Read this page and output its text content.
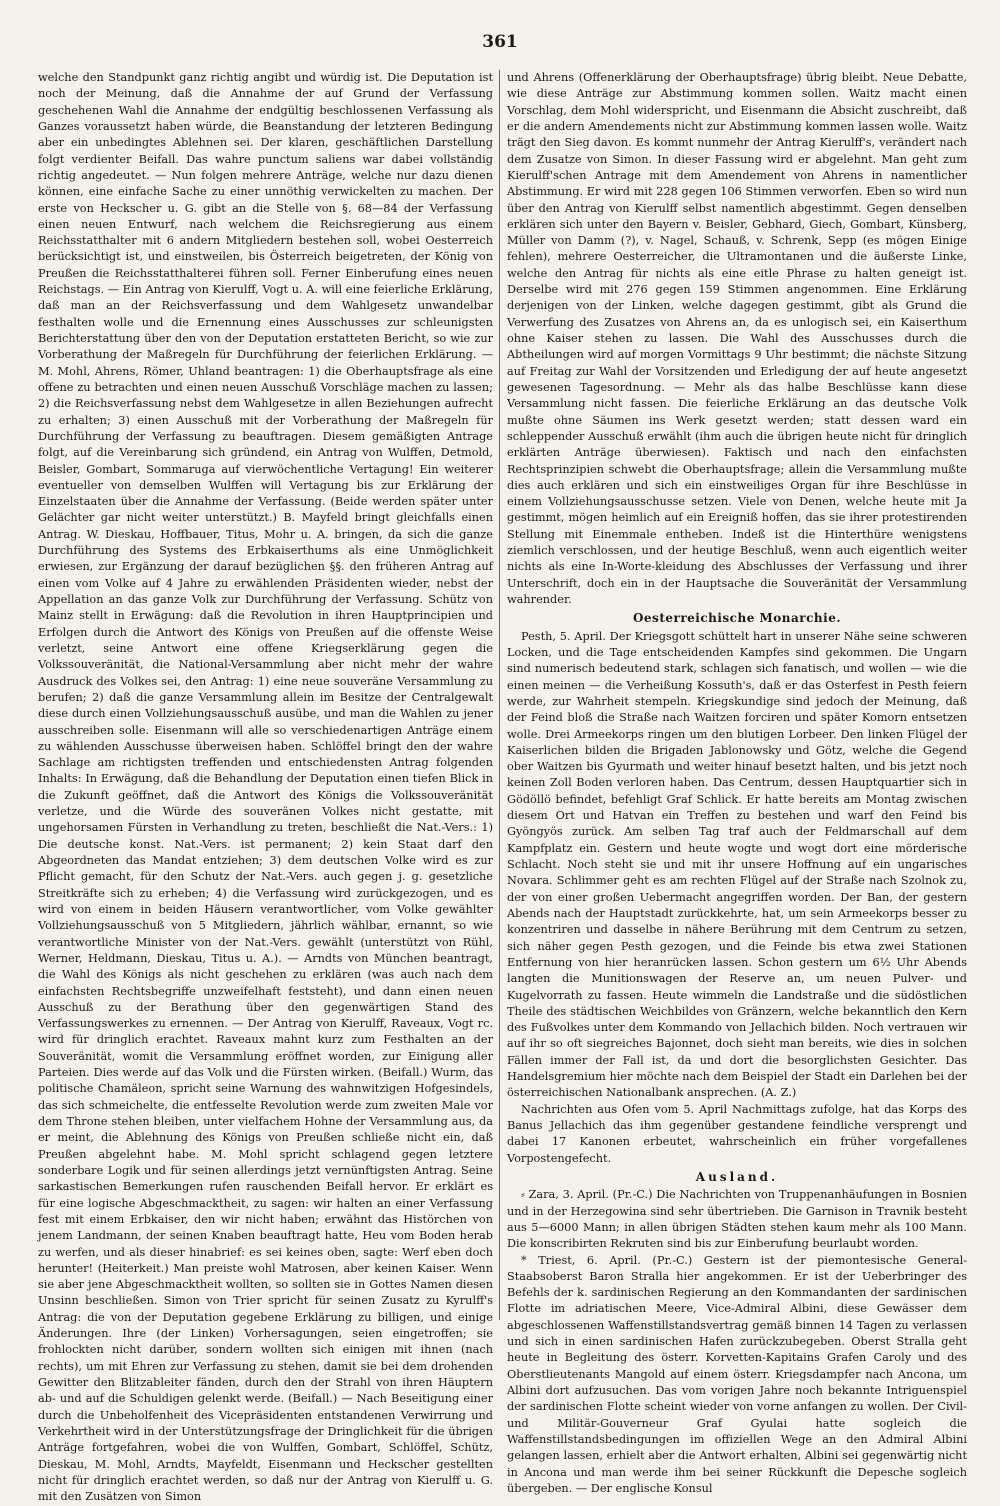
361

welche den Standpunkt ganz richtig angibt und würdig ist. Die Deputation ist noch der Meinung, daß die Annahme der auf Grund der Verfassung geschehenen Wahl die Annahme der endgültig beschlossenen Verfassung als Ganzes voraussetzt haben würde, die Beanstandung der letzteren Bedingung aber ein unbedingtes Ablehnen sei. Der klaren, geschäftlichen Darstellung folgt verdienter Beifall. Das wahre punctum saliens war dabei vollständig richtig angedeutet. — Nun folgen mehrere Anträge, welche nur dazu dienen können, eine einfache Sache zu einer unnöthig verwickelten zu machen. Der erste von Heckscher u. G. gibt an die Stelle von §. 68—84 der Verfassung einen neuen Entwurf, nach welchem die Reichsregierung aus einem Reichsstatthalter mit 6 andern Mitgliedern bestehen soll, wobei Oesterreich berücksichtigt ist, und einstweilen, bis Österreich beigetreten, der König von Preußen die Reichsstatthalterei führen soll. Ferner Einberufung eines neuen Reichstags. — Ein Antrag von Kierulff, Vogt u. A. will eine feierliche Erklärung, daß man an der Reichsverfassung und dem Wahlgesetz unwandelbar festhalten wolle und die Ernennung eines Ausschusses zur schleunigsten Berichterstattung über den von der Deputation erstatteten Bericht, so wie zur Vorberathung der Maßregeln für Durchführung der feierlichen Erklärung. — M. Mohl, Ahrens, Römer, Uhland beantragen: 1) die Oberhauptsfrage als eine offene zu betrachten und einen neuen Ausschuß Vorschläge machen zu lassen; 2) die Reichsverfassung nebst dem Wahlgesetze in allen Beziehungen aufrecht zu erhalten; 3) einen Ausschuß mit der Vorberathung der Maßregeln für Durchführung der Verfassung zu beauftragen. Diesem gemäßigten Antrage folgt, auf die Vereinbarung sich gründend, ein Antrag von Wulffen, Detmold, Beisler, Gombart, Sommaruga auf vierwöchentliche Vertagung! Ein weiterer eventueller von demselben Wulffen will Vertagung bis zur Erklärung der Einzelstaaten über die Annahme der Verfassung. (Beide werden später unter Gelächter gar nicht weiter unterstützt.) B. Mayfeld bringt gleichfalls einen Antrag. W. Dieskau, Hoffbauer, Titus, Mohr u. A. bringen, da sich die ganze Durchführung des Systems des Erbkaiserthums als eine Unmöglichkeit erwiesen, zur Ergänzung der darauf bezüglichen §§. den früheren Antrag auf einen vom Volke auf 4 Jahre zu erwählenden Präsidenten wieder, nebst der Appellation an das ganze Volk zur Durchführung der Verfassung. Schütz von Mainz stellt in Erwägung: daß die Revolution in ihren Hauptprincipien und Erfolgen durch die Antwort des Königs von Preußen auf die offenste Weise verletzt, seine Antwort eine offene Kriegserklärung gegen die Volkssouveränität, die National-Versammlung aber nicht mehr der wahre Ausdruck des Volkes sei, den Antrag: 1) eine neue souveräne Versammlung zu berufen; 2) daß die ganze Versammlung allein im Besitze der Centralgewalt diese durch einen Vollziehungsausschuß ausübe, und man die Wahlen zu jener ausschreiben solle. Eisenmann will alle so verschiedenartigen Anträge einem zu wählenden Ausschusse überweisen haben. Schlöffel bringt den der wahre Sachlage am richtigsten treffenden und entschiedensten Antrag folgenden Inhalts: In Erwägung, daß die Behandlung der Deputation einen tiefen Blick in die Zukunft geöffnet, daß die Antwort des Königs die Volkssouveränität verletze, und die Würde des souveränen Volkes nicht gestatte, mit ungehorsamen Fürsten in Verhandlung zu treten, beschließt die Nat.-Vers.: 1) Die deutsche konst. Nat.-Vers. ist permanent; 2) kein Staat darf den Abgeordneten das Mandat entziehen; 3) dem deutschen Volke wird es zur Pflicht gemacht, für den Schutz der Nat.-Vers. auch gegen j. g. gesetzliche Streitkräfte sich zu erheben; 4) die Verfassung wird zurückgezogen, und es wird von einem in beiden Häusern verantwortlicher, vom Volke gewählter Vollziehungsausschuß von 5 Mitgliedern, jährlich wählbar, ernannt, so wie verantwortliche Minister von der Nat.-Vers. gewählt (unterstützt von Rühl, Werner, Heldmann, Dieskau, Titus u. A.). — Arndts von München beantragt, die Wahl des Königs als nicht geschehen zu erklären (was auch nach dem einfachsten Rechtsbegriffe unzweifelhaft feststeht), und dann einen neuen Ausschuß zu der Berathung über den gegenwärtigen Stand des Verfassungswerkes zu ernennen. — Der Antrag von Kierulff, Raveaux, Vogt rc. wird für dringlich erachtet. Raveaux mahnt kurz zum Festhalten an der Souveränität, womit die Versammlung eröffnet worden, zur Einigung aller Parteien. Dies werde auf das Volk und die Fürsten wirken. (Beifall.) Wurm, das politische Chamäleon, spricht seine Warnung des wahnwitzigen Hofgesindels, das sich schmeichelte, die entfesselte Revolution werde zum zweiten Male vor dem Throne stehen bleiben, unter vielfachem Hohne der Versammlung aus, da er meint, die Ablehnung des Königs von Preußen schließe nicht ein, daß Preußen abgelehnt habe. M. Mohl spricht schlagend gegen letztere sonderbare Logik und für seinen allerdings jetzt vernünftigsten Antrag. Seine sarkastischen Bemerkungen rufen rauschenden Beifall hervor. Er erklärt es für eine logische Abgeschmacktheit, zu sagen: wir halten an einer Verfassung fest mit einem Erbkaiser, den wir nicht haben; erwähnt das Histörchen von jenem Landmann, der seinen Knaben beauftragt hatte, Heu vom Boden herab zu werfen, und als dieser hinabrief: es sei keines oben, sagte: Werf eben doch herunter! (Heiterkeit.) Man preiste wohl Matrosen, aber keinen Kaiser. Wenn sie aber jene Abgeschmacktheit wollten, so sollten sie in Gottes Namen diesen Unsinn beschließen. Simon von Trier spricht für seinen Zusatz zu Kyrulff's Antrag: die von der Deputation gegebene Erklärung zu billigen, und einige Änderungen. Ihre (der Linken) Vorhersagungen, seien eingetroffen; sie frohlockten nicht darüber, sondern wollten sich einigen mit ihnen (nach rechts), um mit Ehren zur Verfassung zu stehen, damit sie bei dem drohenden Gewitter den Blitzableiter fänden, durch den der Strahl von ihren Häuptern ab- und auf die Schuldigen gelenkt werde. (Beifall.) — Nach Beseitigung einer durch die Unbeholfenheit des Vicepräsidenten entstandenen Verwirrung und Verkehrtheit wird in der Unterstützungsfrage der Dringlichkeit für die übrigen Anträge fortgefahren, wobei die von Wulffen, Gombart, Schlöffel, Schütz, Dieskau, M. Mohl, Arndts, Mayfeldt, Eisenmann und Heckscher gestellten nicht für dringlich erachtet werden, so daß nur der Antrag von Kierulff u. G. mit den Zusätzen von Simon

und Ahrens (Offenerklärung der Oberhauptsfrage) übrig bleibt. Neue Debatte, wie diese Anträge zur Abstimmung kommen sollen. Waitz macht einen Vorschlag, dem Mohl widerspricht, und Eisenmann die Absicht zuschreibt, daß er die andern Amendements nicht zur Abstimmung kommen lassen wolle. Waitz trägt den Sieg davon. Es kommt nunmehr der Antrag Kierulff's, verändert nach dem Zusatze von Simon. In dieser Fassung wird er abgelehnt. Man geht zum Kierulff'schen Antrage mit dem Amendement von Ahrens in namentlicher Abstimmung. Er wird mit 228 gegen 106 Stimmen verworfen. Eben so wird nun über den Antrag von Kierulff selbst namentlich abgestimmt. Gegen denselben erklären sich unter den Bayern v. Beisler, Gebhard, Giech, Gombart, Künsberg, Müller von Damm (?), v. Nagel, Schauß, v. Schrenk, Sepp (es mögen Einige fehlen), mehrere Oesterreicher, die Ultramontanen und die äußerste Linke, welche den Antrag für nichts als eine eitle Phrase zu halten geneigt ist. Derselbe wird mit 276 gegen 159 Stimmen angenommen. Eine Erklärung derjenigen von der Linken, welche dagegen gestimmt, gibt als Grund die Verwerfung des Zusatzes von Ahrens an, da es unlogisch sei, ein Kaiserthum ohne Kaiser stehen zu lassen. Die Wahl des Ausschusses durch die Abtheilungen wird auf morgen Vormittags 9 Uhr bestimmt; die nächste Sitzung auf Freitag zur Wahl der Vorsitzenden und Erledigung der auf heute angesetzt gewesenen Tagesordnung. — Mehr als das halbe Beschlüsse kann diese Versammlung nicht fassen. Die feierliche Erklärung an das deutsche Volk mußte ohne Säumen ins Werk gesetzt werden; statt dessen ward ein schleppender Ausschuß erwählt (ihm auch die übrigen heute nicht für dringlich erklärten Anträge überwiesen). Faktisch und nach den einfachsten Rechtsprinzipien schwebt die Oberhauptsfrage; allein die Versammlung mußte dies auch erklären und sich ein einstweiliges Organ für ihre Beschlüsse in einem Vollziehungsausschusse setzen. Viele von Denen, welche heute mit Ja gestimmt, mögen heimlich auf ein Ereigniß hoffen, das sie ihrer protestirenden Stellung mit Einemmale entheben. Indeß ist die Hinterthüre wenigstens ziemlich verschlossen, und der heutige Beschluß, wenn auch eigentlich weiter nichts als eine In-Worte-kleidung des Abschlusses der Verfassung und ihrer Unterschrift, doch ein in der Hauptsache die Souveränität der Versammlung wahrender.

Oesterreichische Monarchie.

Pesth, 5. April. Der Kriegsgott schüttelt hart in unserer Nähe seine schweren Locken, und die Tage entscheidenden Kampfes sind gekommen. Die Ungarn sind numerisch bedeutend stark, schlagen sich fanatisch, und wollen — wie die einen meinen — die Verheißung Kossuth's, daß er das Osterfest in Pesth feiern werde, zur Wahrheit stempeln. Kriegskundige sind jedoch der Meinung, daß der Feind bloß die Straße nach Waitzen forciren und später Komorn entsetzen wolle. Drei Armeekorps ringen um den blutigen Lorbeer. Den linken Flügel der Kaiserlichen bilden die Brigaden Jablonowsky und Götz, welche die Gegend ober Waitzen bis Gyurmath und weiter hinauf besetzt halten, und bis jetzt noch keinen Zoll Boden verloren haben. Das Centrum, dessen Hauptquartier sich in Gödöllö befindet, befehligt Graf Schlick. Er hatte bereits am Montag zwischen diesem Ort und Hatvan ein Treffen zu bestehen und warf den Feind bis Gyöngyös zurück. Am selben Tag traf auch der Feldmarschall auf dem Kampfplatz ein. Gestern und heute wogte und wogt dort eine mörderische Schlacht. Noch steht sie und mit ihr unsere Hoffnung auf ein ungarisches Novara. Schlimmer geht es am rechten Flügel auf der Straße nach Szolnok zu, der von einer großen Uebermacht angegriffen worden. Der Ban, der gestern Abends nach der Hauptstadt zurückkehrte, hat, um sein Armeekorps besser zu konzentriren und dasselbe in nähere Berührung mit dem Centrum zu setzen, sich näher gegen Pesth gezogen, und die Feinde bis etwa zwei Stationen Entfernung von hier heranrücken lassen. Schon gestern um 6½ Uhr Abends langten die Munitionswagen der Reserve an, um neuen Pulver- und Kugelvorrath zu fassen. Heute wimmeln die Landstraße und die südöstlichen Theile des städtischen Weichbildes von Gränzern, welche bekanntlich den Kern des Fußvolkes unter dem Kommando von Jellachich bilden. Noch vertrauen wir auf ihr so oft siegreiches Bajonnet, doch sieht man bereits, wie dies in solchen Fällen immer der Fall ist, da und dort die besorglichsten Gesichter. Das Handelsgremium hier möchte nach dem Beispiel der Stadt ein Darlehen bei der österreichischen Nationalbank ansprechen. (A. Z.)

Nachrichten aus Ofen vom 5. April Nachmittags zufolge, hat das Korps des Banus Jellachich das ihm gegenüber gestandene feindliche versprengt und dabei 17 Kanonen erbeutet, wahrscheinlich ein früher vorgefallenes Vorpostengefecht.

Ausland.

⸗ Zara, 3. April. (Pr.-C.) Die Nachrichten von Truppenanhäufungen in Bosnien und in der Herzegowina sind sehr übertrieben. Die Garnison in Travnik besteht aus 5—6000 Mann; in allen übrigen Städten stehen kaum mehr als 100 Mann. Die konscribirten Rekruten sind bis zur Einberufung beurlaubt worden.

* Triest, 6. April. (Pr.-C.) Gestern ist der piemontesische General-Staabsoberst Baron Stralla hier angekommen. Er ist der Ueberbringer des Befehls der k. sardinischen Regierung an den Kommandanten der sardinischen Flotte im adriatischen Meere, Vice-Admiral Albini, diese Gewässer dem abgeschlossenen Waffenstillstandsvertrag gemäß binnen 14 Tagen zu verlassen und sich in einen sardinischen Hafen zurückzubegeben. Oberst Stralla geht heute in Begleitung des österr. Korvetten-Kapitains Grafen Caroly und des Oberstlieutenants Mangold auf einem österr. Kriegsdampfer nach Ancona, um Albini dort aufzusuchen. Das vom vorigen Jahre noch bekannte Intriguenspiel der sardinischen Flotte scheint wieder von vorne anfangen zu wollen. Der Civil- und Militär-Gouverneur Graf Gyulai hatte sogleich die Waffenstillstandsbedingungen im offiziellen Wege an den Admiral Albini gelangen lassen, erhielt aber die Antwort erhalten, Albini sei gegenwärtig nicht in Ancona und man werde ihm bei seiner Rückkunft die Depesche sogleich übergeben. — Der englische Konsul
